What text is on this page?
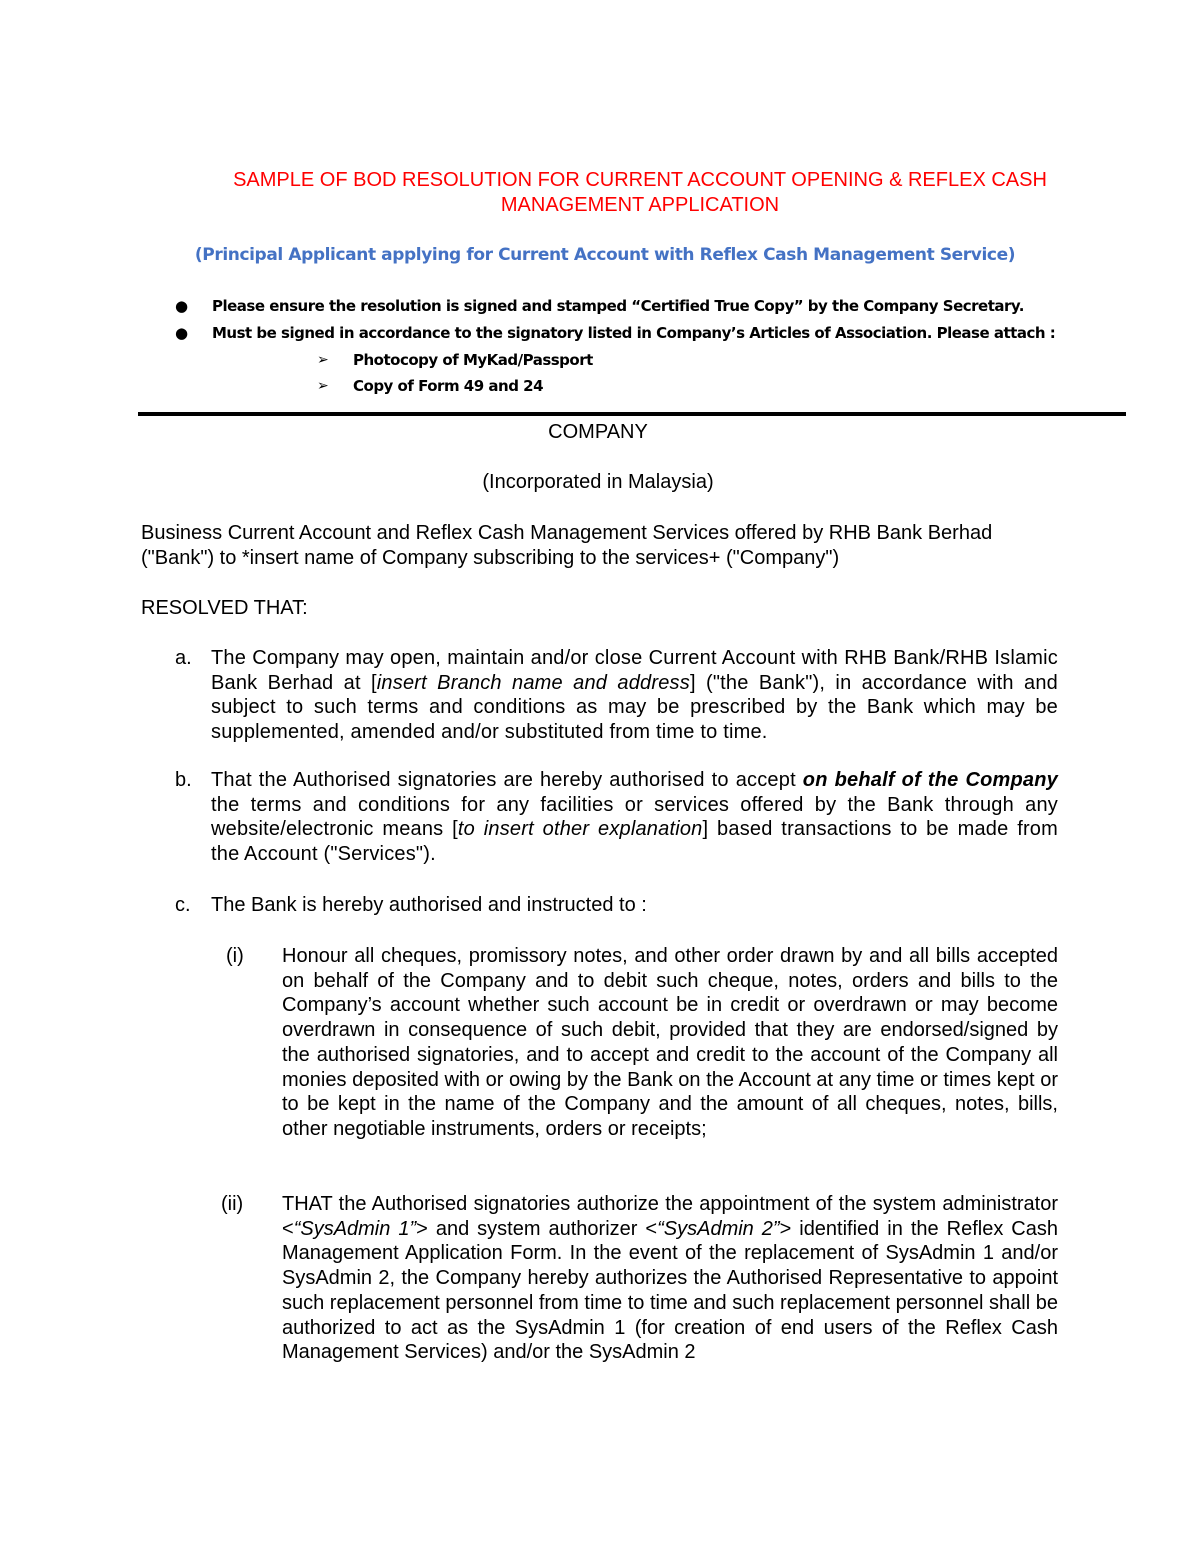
SAMPLE OF BOD RESOLUTION FOR CURRENT ACCOUNT OPENING & REFLEX CASH
MANAGEMENT APPLICATION
(Principal Applicant applying for Current Account with Reflex Cash Management Service)
● Please ensure the resolution is signed and stamped “Certified True Copy” by the Company Secretary.
● Must be signed in accordance to the signatory listed in Company’s Articles of Association. Please attach :
➢ Photocopy of MyKad/Passport
➢ Copy of Form 49 and 24
COMPANY
(Incorporated in Malaysia)
Business Current Account and Reflex Cash Management Services offered by RHB Bank Berhad
("Bank") to *insert name of Company subscribing to the services+ ("Company")
RESOLVED THAT:
a. The Company may open, maintain and/or close Current Account with RHB Bank/RHB Islamic Bank Berhad at [insert Branch name and address] ("the Bank"), in accordance with and subject to such terms and conditions as may be prescribed by the Bank which may be supplemented, amended and/or substituted from time to time.
b. That the Authorised signatories are hereby authorised to accept on behalf of the Company the terms and conditions for any facilities or services offered by the Bank through any website/electronic means [to insert other explanation] based transactions to be made from the Account ("Services").
c. The Bank is hereby authorised and instructed to :
(i) Honour all cheques, promissory notes, and other order drawn by and all bills accepted on behalf of the Company and to debit such cheque, notes, orders and bills to the Company’s account whether such account be in credit or overdrawn or may become overdrawn in consequence of such debit, provided that they are endorsed/signed by the authorised signatories, and to accept and credit to the account of the Company all monies deposited with or owing by the Bank on the Account at any time or times kept or to be kept in the name of the Company and the amount of all cheques, notes, bills, other negotiable instruments, orders or receipts;
(ii) THAT the Authorised signatories authorize the appointment of the system administrator <“SysAdmin 1”> and system authorizer <“SysAdmin 2”> identified in the Reflex Cash Management Application Form. In the event of the replacement of SysAdmin 1 and/or SysAdmin 2, the Company hereby authorizes the Authorised Representative to appoint such replacement personnel from time to time and such replacement personnel shall be authorized to act as the SysAdmin 1 (for creation of end users of the Reflex Cash Management Services) and/or the SysAdmin 2
